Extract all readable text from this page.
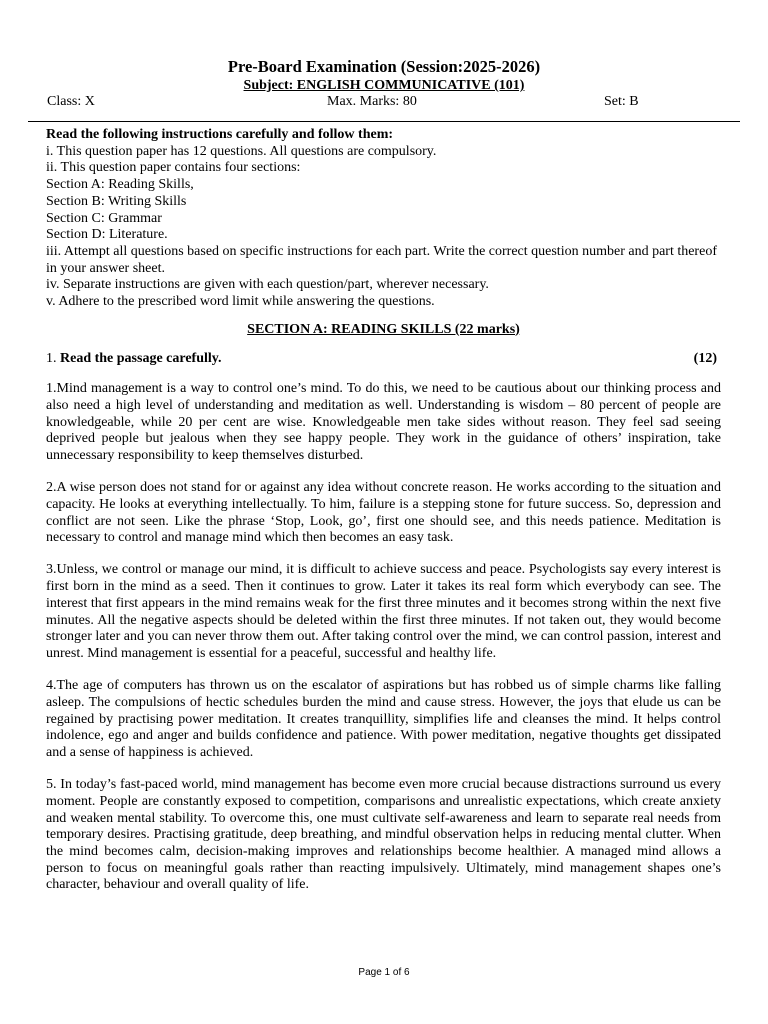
Pre-Board Examination (Session:2025-2026)
Subject: ENGLISH COMMUNICATIVE (101)
Class: X	Max. Marks: 80	Set: B
Read the following instructions carefully and follow them:

i. This question paper has 12 questions. All questions are compulsory.

ii. This question paper contains four sections:

Section A: Reading Skills,

Section B: Writing Skills

Section C: Grammar

Section D: Literature.

iii. Attempt all questions based on specific instructions for each part. Write the correct question number and part thereof in your answer sheet.

iv. Separate instructions are given with each question/part, wherever necessary.

v. Adhere to the prescribed word limit while answering the questions.

SECTION A: READING SKILLS (22 marks)
1. Read the passage carefully.	(12)

1.Mind management is a way to control one’s mind. To do this, we need to be cautious about our thinking process and also need a high level of understanding and meditation as well. Understanding is wisdom – 80 percent of people are knowledgeable, while 20 per cent are wise. Knowledgeable men take sides without reason. They feel sad seeing deprived people but jealous when they see happy people. They work in the guidance of others’ inspiration, take unnecessary responsibility to keep themselves disturbed.

2.A wise person does not stand for or against any idea without concrete reason. He works according to the situation and capacity. He looks at everything intellectually. To him, failure is a stepping stone for future success. So, depression and conflict are not seen. Like the phrase ‘Stop, Look, go’, first one should see, and this needs patience. Meditation is necessary to control and manage mind which then becomes an easy task.

3.Unless, we control or manage our mind, it is difficult to achieve success and peace. Psychologists say every interest is first born in the mind as a seed. Then it continues to grow. Later it takes its real form which everybody can see. The interest that first appears in the mind remains weak for the first three minutes and it becomes strong within the next five minutes. All the negative aspects should be deleted within the first three minutes. If not taken out, they would become stronger later and you can never throw them out. After taking control over the mind, we can control passion, interest and unrest. Mind management is essential for a peaceful, successful and healthy life.

4.The age of computers has thrown us on the escalator of aspirations but has robbed us of simple charms like falling asleep. The compulsions of hectic schedules burden the mind and cause stress. However, the joys that elude us can be regained by practising power meditation. It creates tranquillity, simplifies life and cleanses the mind. It helps control indolence, ego and anger and builds confidence and patience. With power meditation, negative thoughts get dissipated and a sense of happiness is achieved.

5. In today’s fast-paced world, mind management has become even more crucial because distractions surround us every moment. People are constantly exposed to competition, comparisons and unrealistic expectations, which create anxiety and weaken mental stability. To overcome this, one must cultivate self-awareness and learn to separate real needs from temporary desires. Practising gratitude, deep breathing, and mindful observation helps in reducing mental clutter. When the mind becomes calm, decision-making improves and relationships become healthier. A managed mind allows a person to focus on meaningful goals rather than reacting impulsively. Ultimately, mind management shapes one’s character, behaviour and overall quality of life.

Page 1 of 6
